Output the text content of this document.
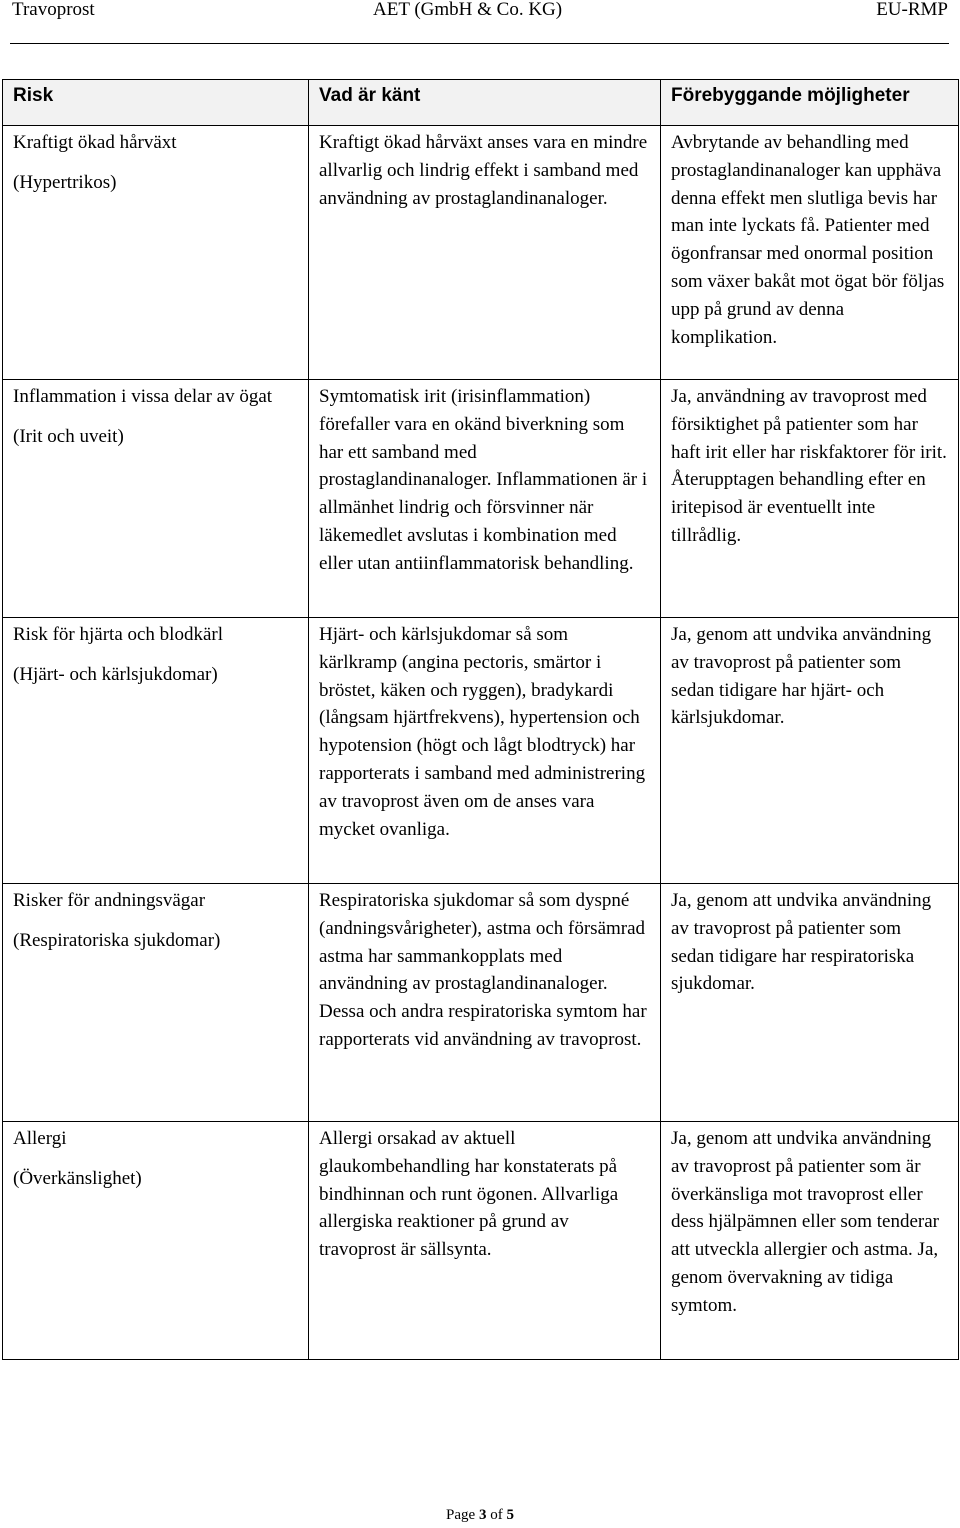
Travoprost	AET (GmbH & Co. KG)	EU-RMP
Risk	Vad är känt	Förebyggande möjligheter

Kraftigt ökad hårväxt

(Hypertrikos)	Kraftigt ökad hårväxt anses vara en mindre allvarlig och lindrig effekt i samband med användning av prostaglandinanaloger.	Avbrytande av behandling med prostaglandinanaloger kan upphäva denna effekt men slutliga bevis har man inte lyckats få. Patienter med ögonfransar med onormal position som växer bakåt mot ögat bör följas upp på grund av denna komplikation.

Inflammation i vissa delar av ögat

(Irit och uveit)	Symtomatisk irit (irisinflammation) förefaller vara en okänd biverkning som har ett samband med prostaglandinanaloger. Inflammationen är i allmänhet lindrig och försvinner när läkemedlet avslutas i kombination med eller utan antiinflammatorisk behandling.	Ja, användning av travoprost med försiktighet på patienter som har haft irit eller har riskfaktorer för irit. Återupptagen behandling efter en iritepisod är eventuellt inte tillrådlig.

Risk för hjärta och blodkärl

(Hjärt- och kärlsjukdomar)	Hjärt- och kärlsjukdomar så som kärlkramp (angina pectoris, smärtor i bröstet, käken och ryggen), bradykardi (långsam hjärtfrekvens), hypertension och hypotension (högt och lågt blodtryck) har rapporterats i samband med administrering av travoprost även om de anses vara mycket ovanliga.	Ja, genom att undvika användning av travoprost på patienter som sedan tidigare har hjärt- och kärlsjukdomar.

Risker för andningsvägar

(Respiratoriska sjukdomar)	Respiratoriska sjukdomar så som dyspné (andningsvårigheter), astma och försämrad astma har sammankopplats med användning av prostaglandinanaloger. Dessa och andra respiratoriska symtom har rapporterats vid användning av travoprost.	Ja, genom att undvika användning av travoprost på patienter som sedan tidigare har respiratoriska sjukdomar.

Allergi

(Överkänslighet)	Allergi orsakad av aktuell glaukombehandling har konstaterats på bindhinnan och runt ögonen. Allvarliga allergiska reaktioner på grund av travoprost är sällsynta.	Ja, genom att undvika användning av travoprost på patienter som är överkänsliga mot travoprost eller dess hjälpämnen eller som tenderar att utveckla allergier och astma. Ja, genom övervakning av tidiga symtom.
Page 3 of 5
